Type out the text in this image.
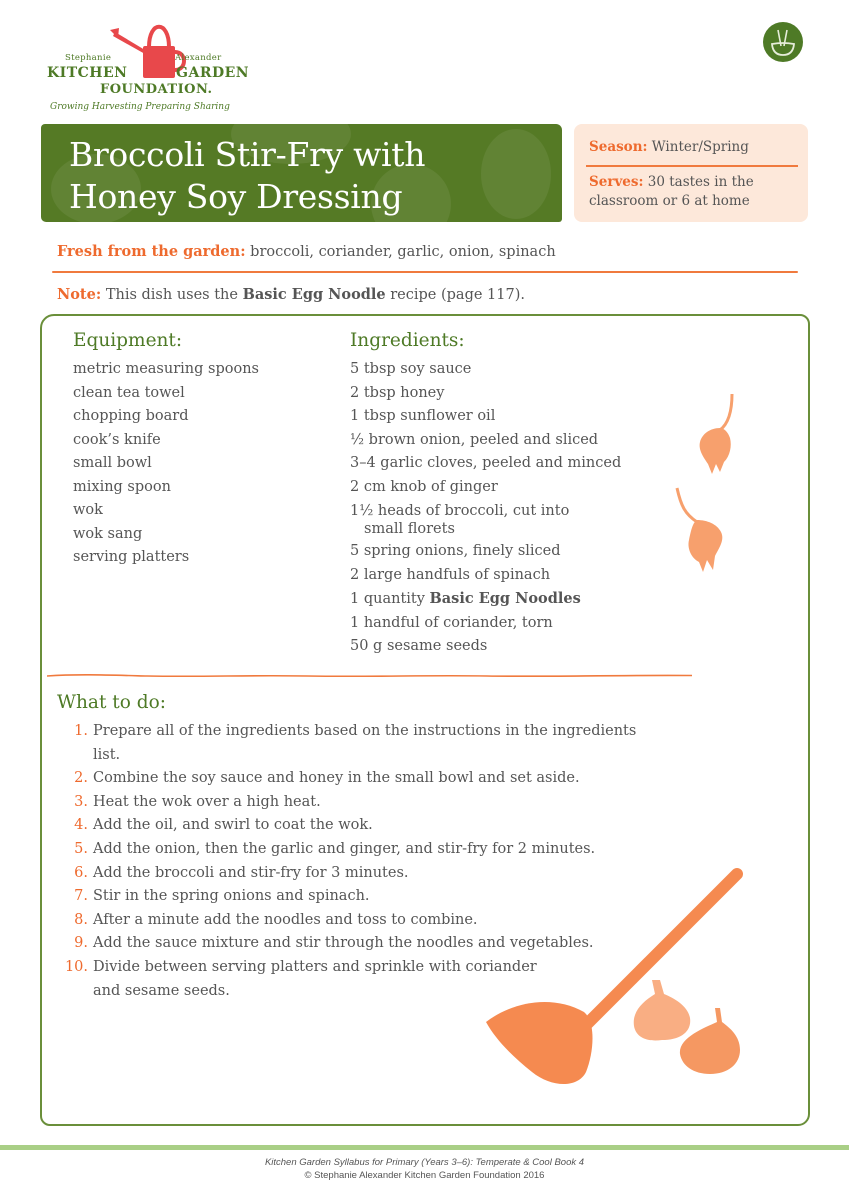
Stephanie	Alexander
KITCHEN	GARDEN
FOUNDATION.
Growing Harvesting Preparing Sharing
Broccoli Stir-Fry with
Honey Soy Dressing
Season: Winter/Spring
Serves: 30 tastes in the classroom or 6 at home
Fresh from the garden: broccoli, coriander, garlic, onion, spinach
Note: This dish uses the Basic Egg Noodle recipe (page 117).
Equipment:
metric measuring spoons
clean tea towel
chopping board
cook’s knife
small bowl
mixing spoon
wok
wok sang
serving platters
Ingredients:
5 tbsp soy sauce
2 tbsp honey
1 tbsp sunflower oil
½ brown onion, peeled and sliced
3–4 garlic cloves, peeled and minced
2 cm knob of ginger
1½ heads of broccoli, cut into small florets
5 spring onions, finely sliced
2 large handfuls of spinach
1 quantity Basic Egg Noodles
1 handful of coriander, torn
50 g sesame seeds
What to do:
1. Prepare all of the ingredients based on the instructions in the ingredients list.
2. Combine the soy sauce and honey in the small bowl and set aside.
3. Heat the wok over a high heat.
4. Add the oil, and swirl to coat the wok.
5. Add the onion, then the garlic and ginger, and stir-fry for 2 minutes.
6. Add the broccoli and stir-fry for 3 minutes.
7. Stir in the spring onions and spinach.
8. After a minute add the noodles and toss to combine.
9. Add the sauce mixture and stir through the noodles and vegetables.
10. Divide between serving platters and sprinkle with coriander
and sesame seeds.
Kitchen Garden Syllabus for Primary (Years 3–6): Temperate & Cool Book 4
© Stephanie Alexander Kitchen Garden Foundation 2016
